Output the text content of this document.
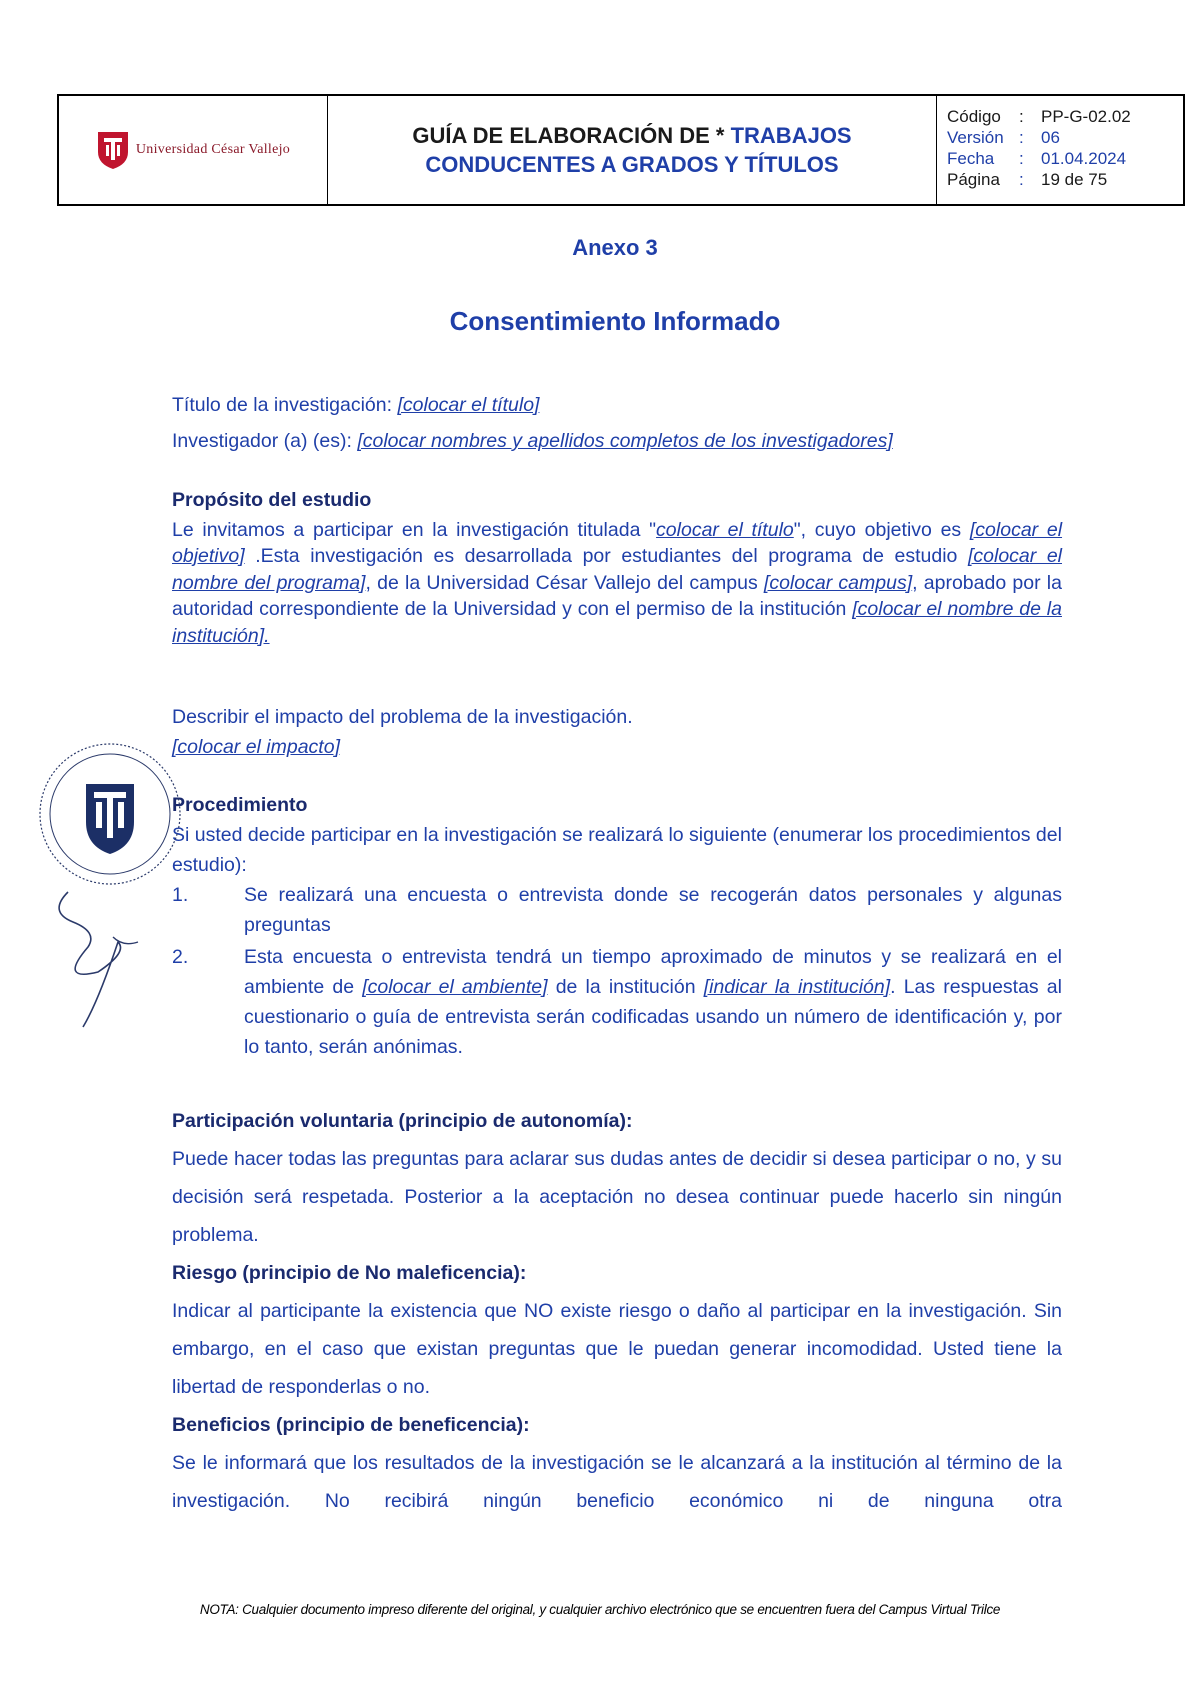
Universidad César Vallejo
GUÍA DE ELABORACIÓN DE * TRABAJOS
CONDUCENTES A GRADOS Y TÍTULOS
Código	:	PP-G-02.02
Versión :	06
Fecha	:	01.04.2024
Página	:	19 de 75
Anexo 3
Consentimiento Informado
Título de la investigación: [colocar el título]
Investigador (a) (es): [colocar nombres y apellidos completos de los investigadores]
Propósito del estudio
Le invitamos a participar en la investigación titulada "colocar el título", cuyo objetivo es [colocar el objetivo] .Esta investigación es desarrollada por estudiantes del programa de estudio [colocar el nombre del programa], de la Universidad César Vallejo del campus [colocar campus], aprobado por la autoridad correspondiente de la Universidad y con el permiso de la institución [colocar el nombre de la institución].
Describir el impacto del problema de la investigación.
[colocar el impacto]
Procedimiento
Si usted decide participar en la investigación se realizará lo siguiente (enumerar los procedimientos del estudio):
1.	Se realizará una encuesta o entrevista donde se recogerán datos personales y algunas preguntas
2.	Esta encuesta o entrevista tendrá un tiempo aproximado de minutos y se realizará en el ambiente de [colocar el ambiente] de la institución [indicar la institución]. Las respuestas al cuestionario o guía de entrevista serán codificadas usando un número de identificación y, por lo tanto, serán anónimas.
Participación voluntaria (principio de autonomía):
Puede hacer todas las preguntas para aclarar sus dudas antes de decidir si desea participar o no, y su decisión será respetada. Posterior a la aceptación no desea continuar puede hacerlo sin ningún problema.
Riesgo (principio de No maleficencia):
Indicar al participante la existencia que NO existe riesgo o daño al participar en la investigación. Sin embargo, en el caso que existan preguntas que le puedan generar incomodidad. Usted tiene la libertad de responderlas o no.
Beneficios (principio de beneficencia):
Se le informará que los resultados de la investigación se le alcanzará a la institución al término de la investigación. No recibirá ningún beneficio económico ni de ninguna otra
NOTA: Cualquier documento impreso diferente del original, y cualquier archivo electrónico que se encuentren fuera del Campus Virtual Trilce
